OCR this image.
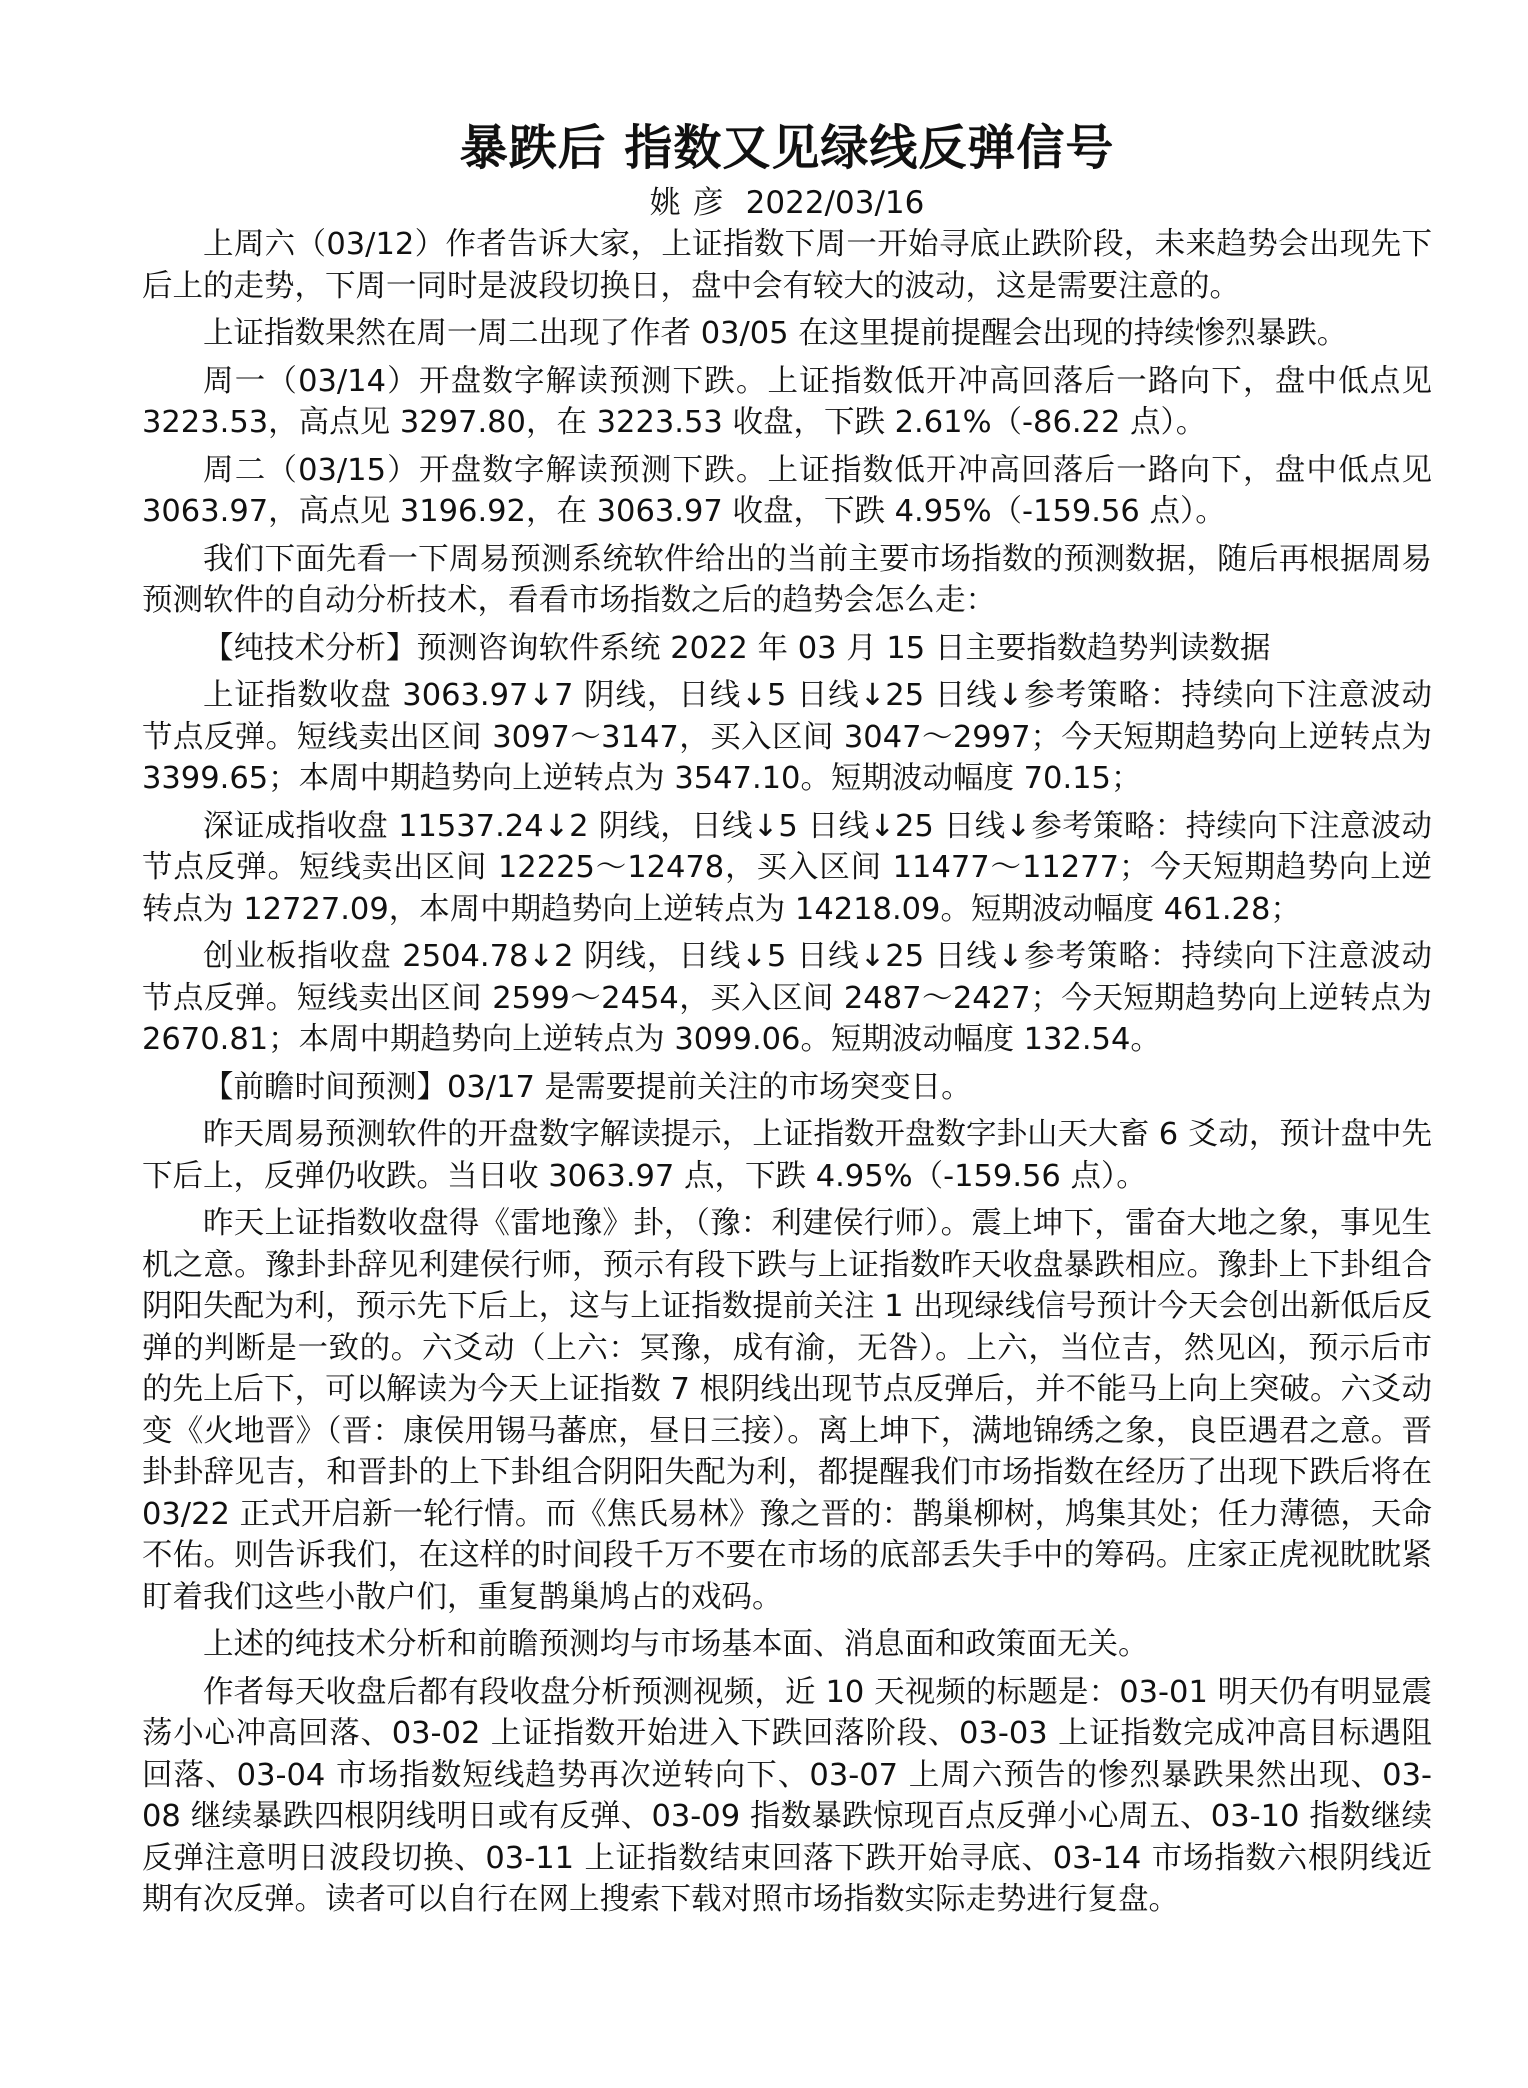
暴跌后 指数又见绿线反弹信号
姚彦 2022/03/16

上周六（03/12）作者告诉大家，上证指数下周一开始寻底止跌阶段，未来趋势会出现先下后上的走势，下周一同时是波段切换日，盘中会有较大的波动，这是需要注意的。

上证指数果然在周一周二出现了作者 03/05 在这里提前提醒会出现的持续惨烈暴跌。

周一（03/14）开盘数字解读预测下跌。上证指数低开冲高回落后一路向下，盘中低点见 3223.53，高点见 3297.80，在 3223.53 收盘，下跌 2.61%（-86.22 点）。

周二（03/15）开盘数字解读预测下跌。上证指数低开冲高回落后一路向下，盘中低点见 3063.97，高点见 3196.92，在 3063.97 收盘，下跌 4.95%（-159.56 点）。

我们下面先看一下周易预测系统软件给出的当前主要市场指数的预测数据，随后再根据周易预测软件的自动分析技术，看看市场指数之后的趋势会怎么走：

【纯技术分析】预测咨询软件系统 2022 年 03 月 15 日主要指数趋势判读数据

上证指数收盘 3063.97↓7 阴线，日线↓5 日线↓25 日线↓参考策略：持续向下注意波动节点反弹。短线卖出区间 3097～3147，买入区间 3047～2997；今天短期趋势向上逆转点为 3399.65；本周中期趋势向上逆转点为 3547.10。短期波动幅度 70.15；

深证成指收盘 11537.24↓2 阴线，日线↓5 日线↓25 日线↓参考策略：持续向下注意波动节点反弹。短线卖出区间 12225～12478，买入区间 11477～11277；今天短期趋势向上逆转点为 12727.09，本周中期趋势向上逆转点为 14218.09。短期波动幅度 461.28；

创业板指收盘 2504.78↓2 阴线，日线↓5 日线↓25 日线↓参考策略：持续向下注意波动节点反弹。短线卖出区间 2599～2454，买入区间 2487～2427；今天短期趋势向上逆转点为 2670.81；本周中期趋势向上逆转点为 3099.06。短期波动幅度 132.54。

【前瞻时间预测】03/17 是需要提前关注的市场突变日。

昨天周易预测软件的开盘数字解读提示，上证指数开盘数字卦山天大畜 6 爻动，预计盘中先下后上，反弹仍收跌。当日收 3063.97 点，下跌 4.95%（-159.56 点）。

昨天上证指数收盘得《雷地豫》卦，（豫：利建侯行师）。震上坤下，雷奋大地之象，事见生机之意。豫卦卦辞见利建侯行师，预示有段下跌与上证指数昨天收盘暴跌相应。豫卦上下卦组合阴阳失配为利，预示先下后上，这与上证指数提前关注 1 出现绿线信号预计今天会创出新低后反弹的判断是一致的。六爻动（上六：冥豫，成有渝，无咎）。上六，当位吉，然见凶，预示后市的先上后下，可以解读为今天上证指数 7 根阴线出现节点反弹后，并不能马上向上突破。六爻动变《火地晋》（晋：康侯用锡马蕃庶，昼日三接）。离上坤下，满地锦绣之象，良臣遇君之意。晋卦卦辞见吉，和晋卦的上下卦组合阴阳失配为利，都提醒我们市场指数在经历了出现下跌后将在 03/22 正式开启新一轮行情。而《焦氏易林》豫之晋的：鹊巢柳树，鸠集其处；任力薄德，天命不佑。则告诉我们，在这样的时间段千万不要在市场的底部丢失手中的筹码。庄家正虎视眈眈紧盯着我们这些小散户们，重复鹊巢鸠占的戏码。

上述的纯技术分析和前瞻预测均与市场基本面、消息面和政策面无关。

作者每天收盘后都有段收盘分析预测视频，近 10 天视频的标题是：03-01 明天仍有明显震荡小心冲高回落、03-02 上证指数开始进入下跌回落阶段、03-03 上证指数完成冲高目标遇阻回落、03-04 市场指数短线趋势再次逆转向下、03-07 上周六预告的惨烈暴跌果然出现、03-08 继续暴跌四根阴线明日或有反弹、03-09 指数暴跌惊现百点反弹小心周五、03-10 指数继续反弹注意明日波段切换、03-11 上证指数结束回落下跌开始寻底、03-14 市场指数六根阴线近期有次反弹。读者可以自行在网上搜索下载对照市场指数实际走势进行复盘。
